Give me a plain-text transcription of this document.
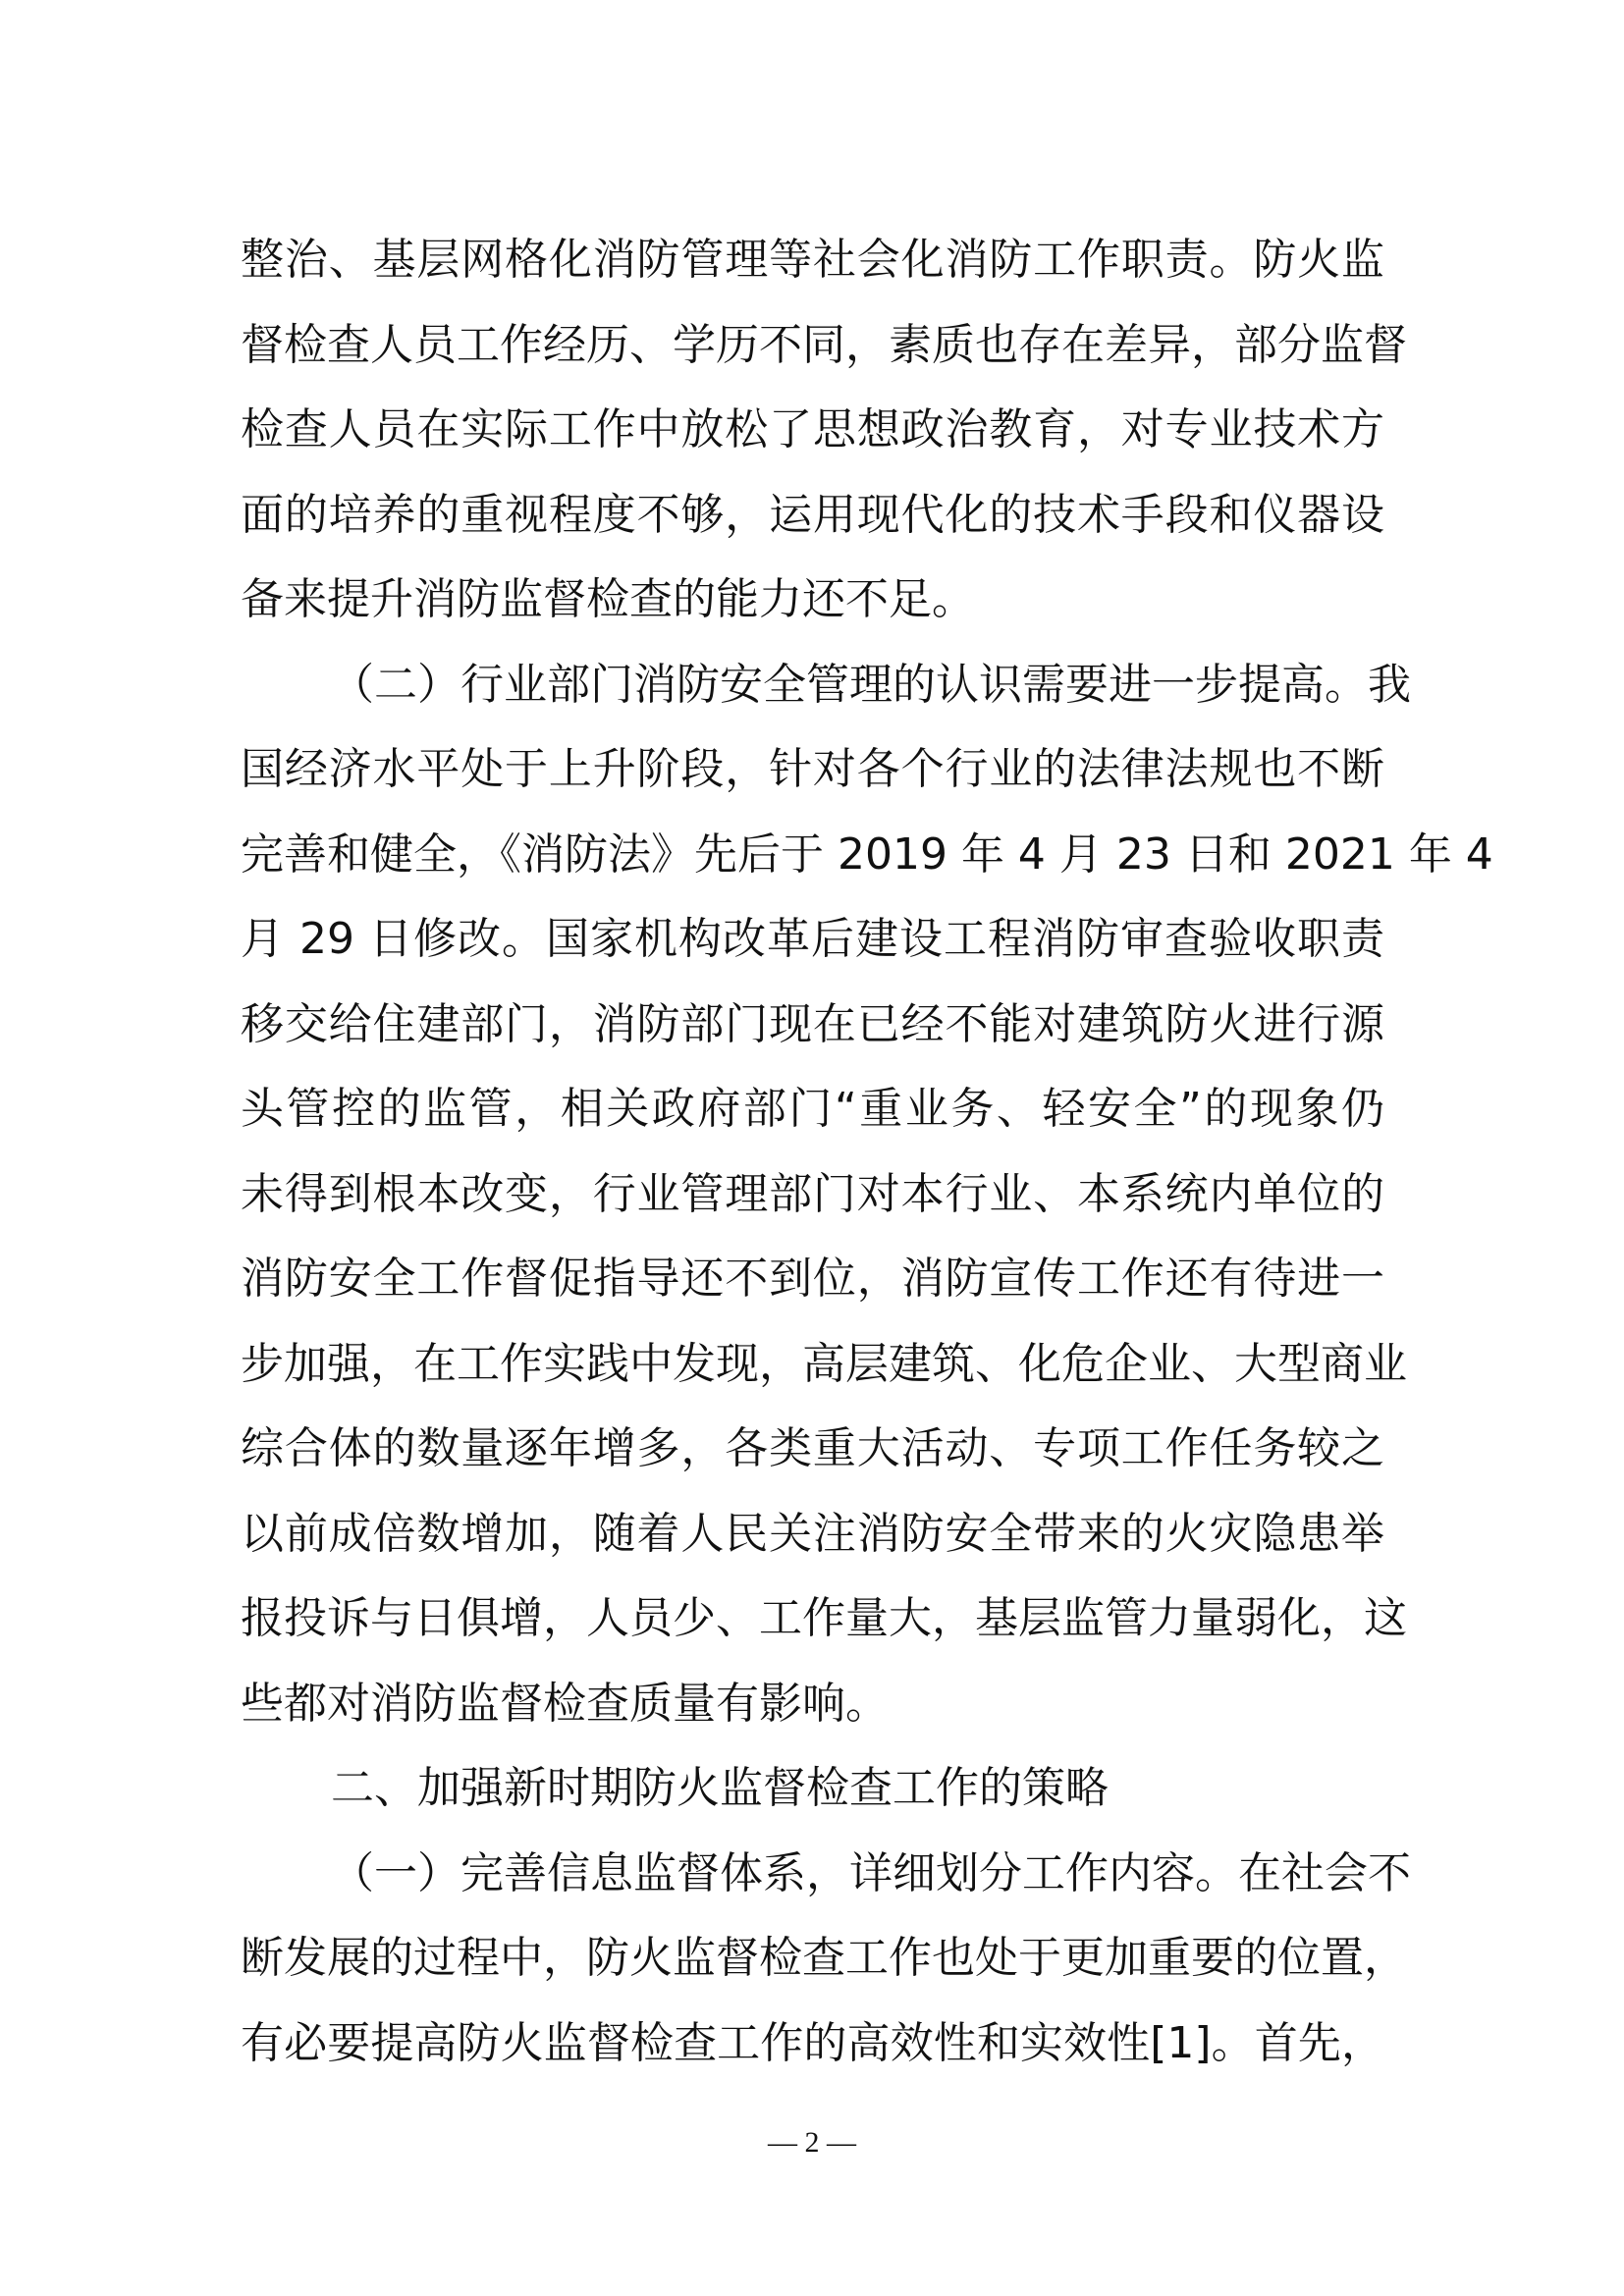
整治、基层网格化消防管理等社会化消防工作职责。防火监
督检查人员工作经历、学历不同，素质也存在差异，部分监督
检查人员在实际工作中放松了思想政治教育，对专业技术方
面的培养的重视程度不够，运用现代化的技术手段和仪器设
备来提升消防监督检查的能力还不足。
（二）行业部门消防安全管理的认识需要进一步提高。我
国经济水平处于上升阶段，针对各个行业的法律法规也不断
完善和健全，《消防法》先后于 2019 年 4 月 23 日和 2021 年 4
月 29 日修改。国家机构改革后建设工程消防审查验收职责
移交给住建部门，消防部门现在已经不能对建筑防火进行源
头管控的监管，相关政府部门“重业务、轻安全”的现象仍
未得到根本改变，行业管理部门对本行业、本系统内单位的
消防安全工作督促指导还不到位，消防宣传工作还有待进一
步加强，在工作实践中发现，高层建筑、化危企业、大型商业
综合体的数量逐年增多，各类重大活动、专项工作任务较之
以前成倍数增加，随着人民关注消防安全带来的火灾隐患举
报投诉与日俱增，人员少、工作量大，基层监管力量弱化，这
些都对消防监督检查质量有影响。
二、加强新时期防火监督检查工作的策略
（一）完善信息监督体系，详细划分工作内容。在社会不
断发展的过程中，防火监督检查工作也处于更加重要的位置，
有必要提高防火监督检查工作的高效性和实效性[1]。首先，
— 2 —
